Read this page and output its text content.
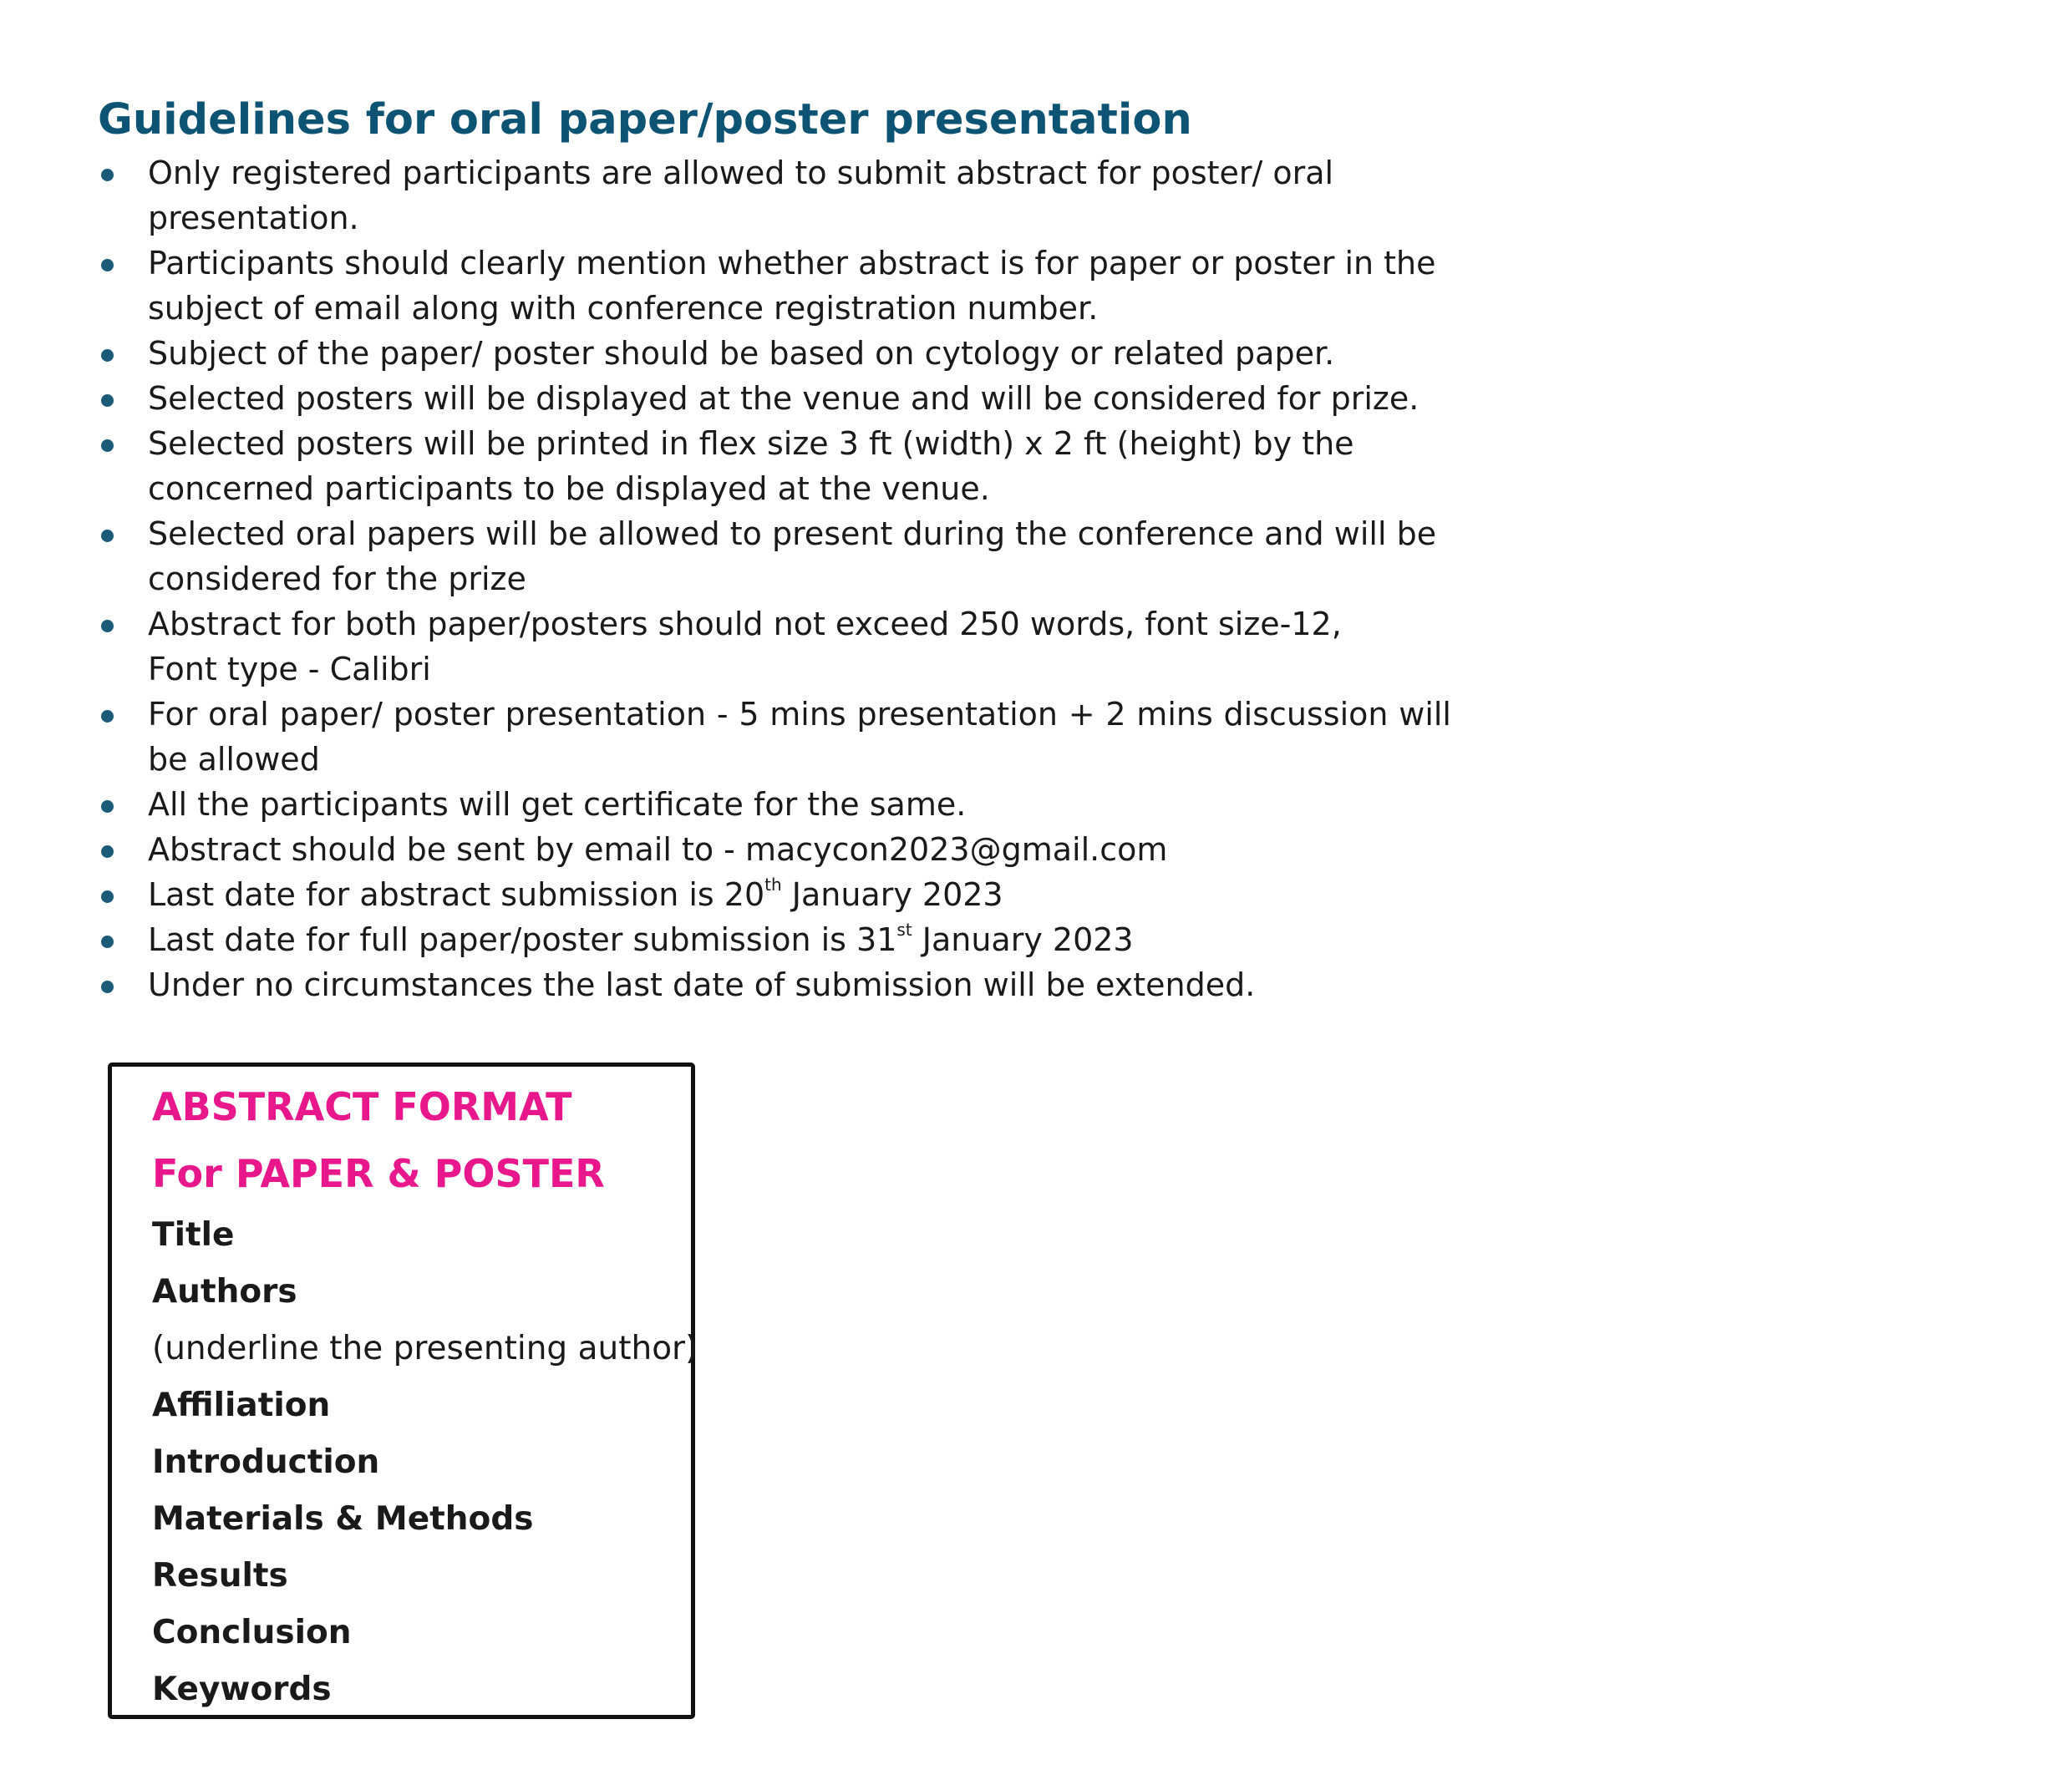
Guidelines for oral paper/poster presentation
Only registered participants are allowed to submit abstract for poster/ oral
presentation.
Participants should clearly mention whether abstract is for paper or poster in the
subject of email along with conference registration number.
Subject of the paper/ poster should be based on cytology or related paper.
Selected posters will be displayed at the venue and will be considered for prize.
Selected posters will be printed in flex size 3 ft (width) x 2 ft (height) by the
concerned participants to be displayed at the venue.
Selected oral papers will be allowed to present during the conference and will be
considered for the prize
Abstract for both paper/posters should not exceed 250 words, font size-12,
Font type - Calibri
For oral paper/ poster presentation - 5 mins presentation + 2 mins discussion will be allowed
All the participants will get certificate for the same.
Abstract should be sent by email to - macycon2023@gmail.com
Last date for abstract submission is 20th January 2023
Last date for full paper/poster submission is 31st January 2023
Under no circumstances the last date of submission will be extended.
ABSTRACT FORMAT
For PAPER & POSTER
Title
Authors
(underline the presenting author)
Affiliation
Introduction
Materials & Methods
Results
Conclusion
Keywords
